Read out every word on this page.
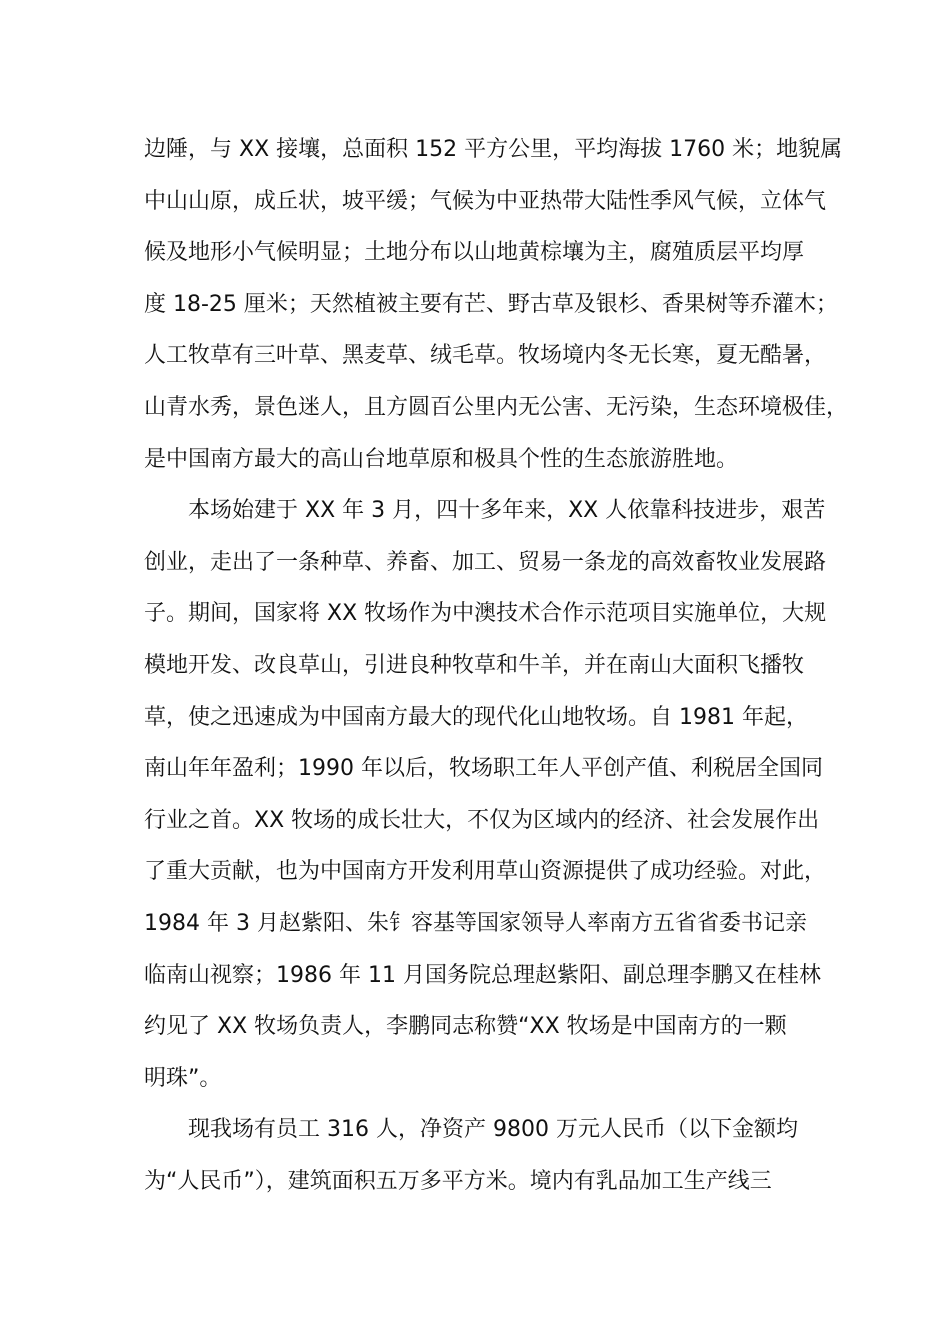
边陲，与 XX 接壤，总面积 152 平方公里，平均海拔 1760 米；地貌属

中山山原，成丘状，坡平缓；气候为中亚热带大陆性季风气候，立体气

候及地形小气候明显；土地分布以山地黄棕壤为主，腐殖质层平均厚

度 18-25 厘米；天然植被主要有芒、野古草及银杉、香果树等乔灌木；

人工牧草有三叶草、黑麦草、绒毛草。牧场境内冬无长寒，夏无酷暑，

山青水秀，景色迷人，且方圆百公里内无公害、无污染，生态环境极佳，

是中国南方最大的高山台地草原和极具个性的生态旅游胜地。

本场始建于 XX 年 3 月，四十多年来，XX 人依靠科技进步，艰苦

创业，走出了一条种草、养畜、加工、贸易一条龙的高效畜牧业发展路

子。期间，国家将 XX 牧场作为中澳技术合作示范项目实施单位，大规

模地开发、改良草山，引进良种牧草和牛羊，并在南山大面积飞播牧

草，使之迅速成为中国南方最大的现代化山地牧场。自 1981 年起，

南山年年盈利；1990 年以后，牧场职工年人平创产值、利税居全国同

行业之首。XX 牧场的成长壮大，不仅为区域内的经济、社会发展作出

了重大贡献，也为中国南方开发利用草山资源提供了成功经验。对此，

1984 年 3 月赵紫阳、朱钅容基等国家领导人率南方五省省委书记亲

临南山视察；1986 年 11 月国务院总理赵紫阳、副总理李鹏又在桂林

约见了 XX 牧场负责人，李鹏同志称赞“XX 牧场是中国南方的一颗

明珠”。

现我场有员工 316 人，净资产 9800 万元人民币（以下金额均

为“人民币”），建筑面积五万多平方米。境内有乳品加工生产线三
